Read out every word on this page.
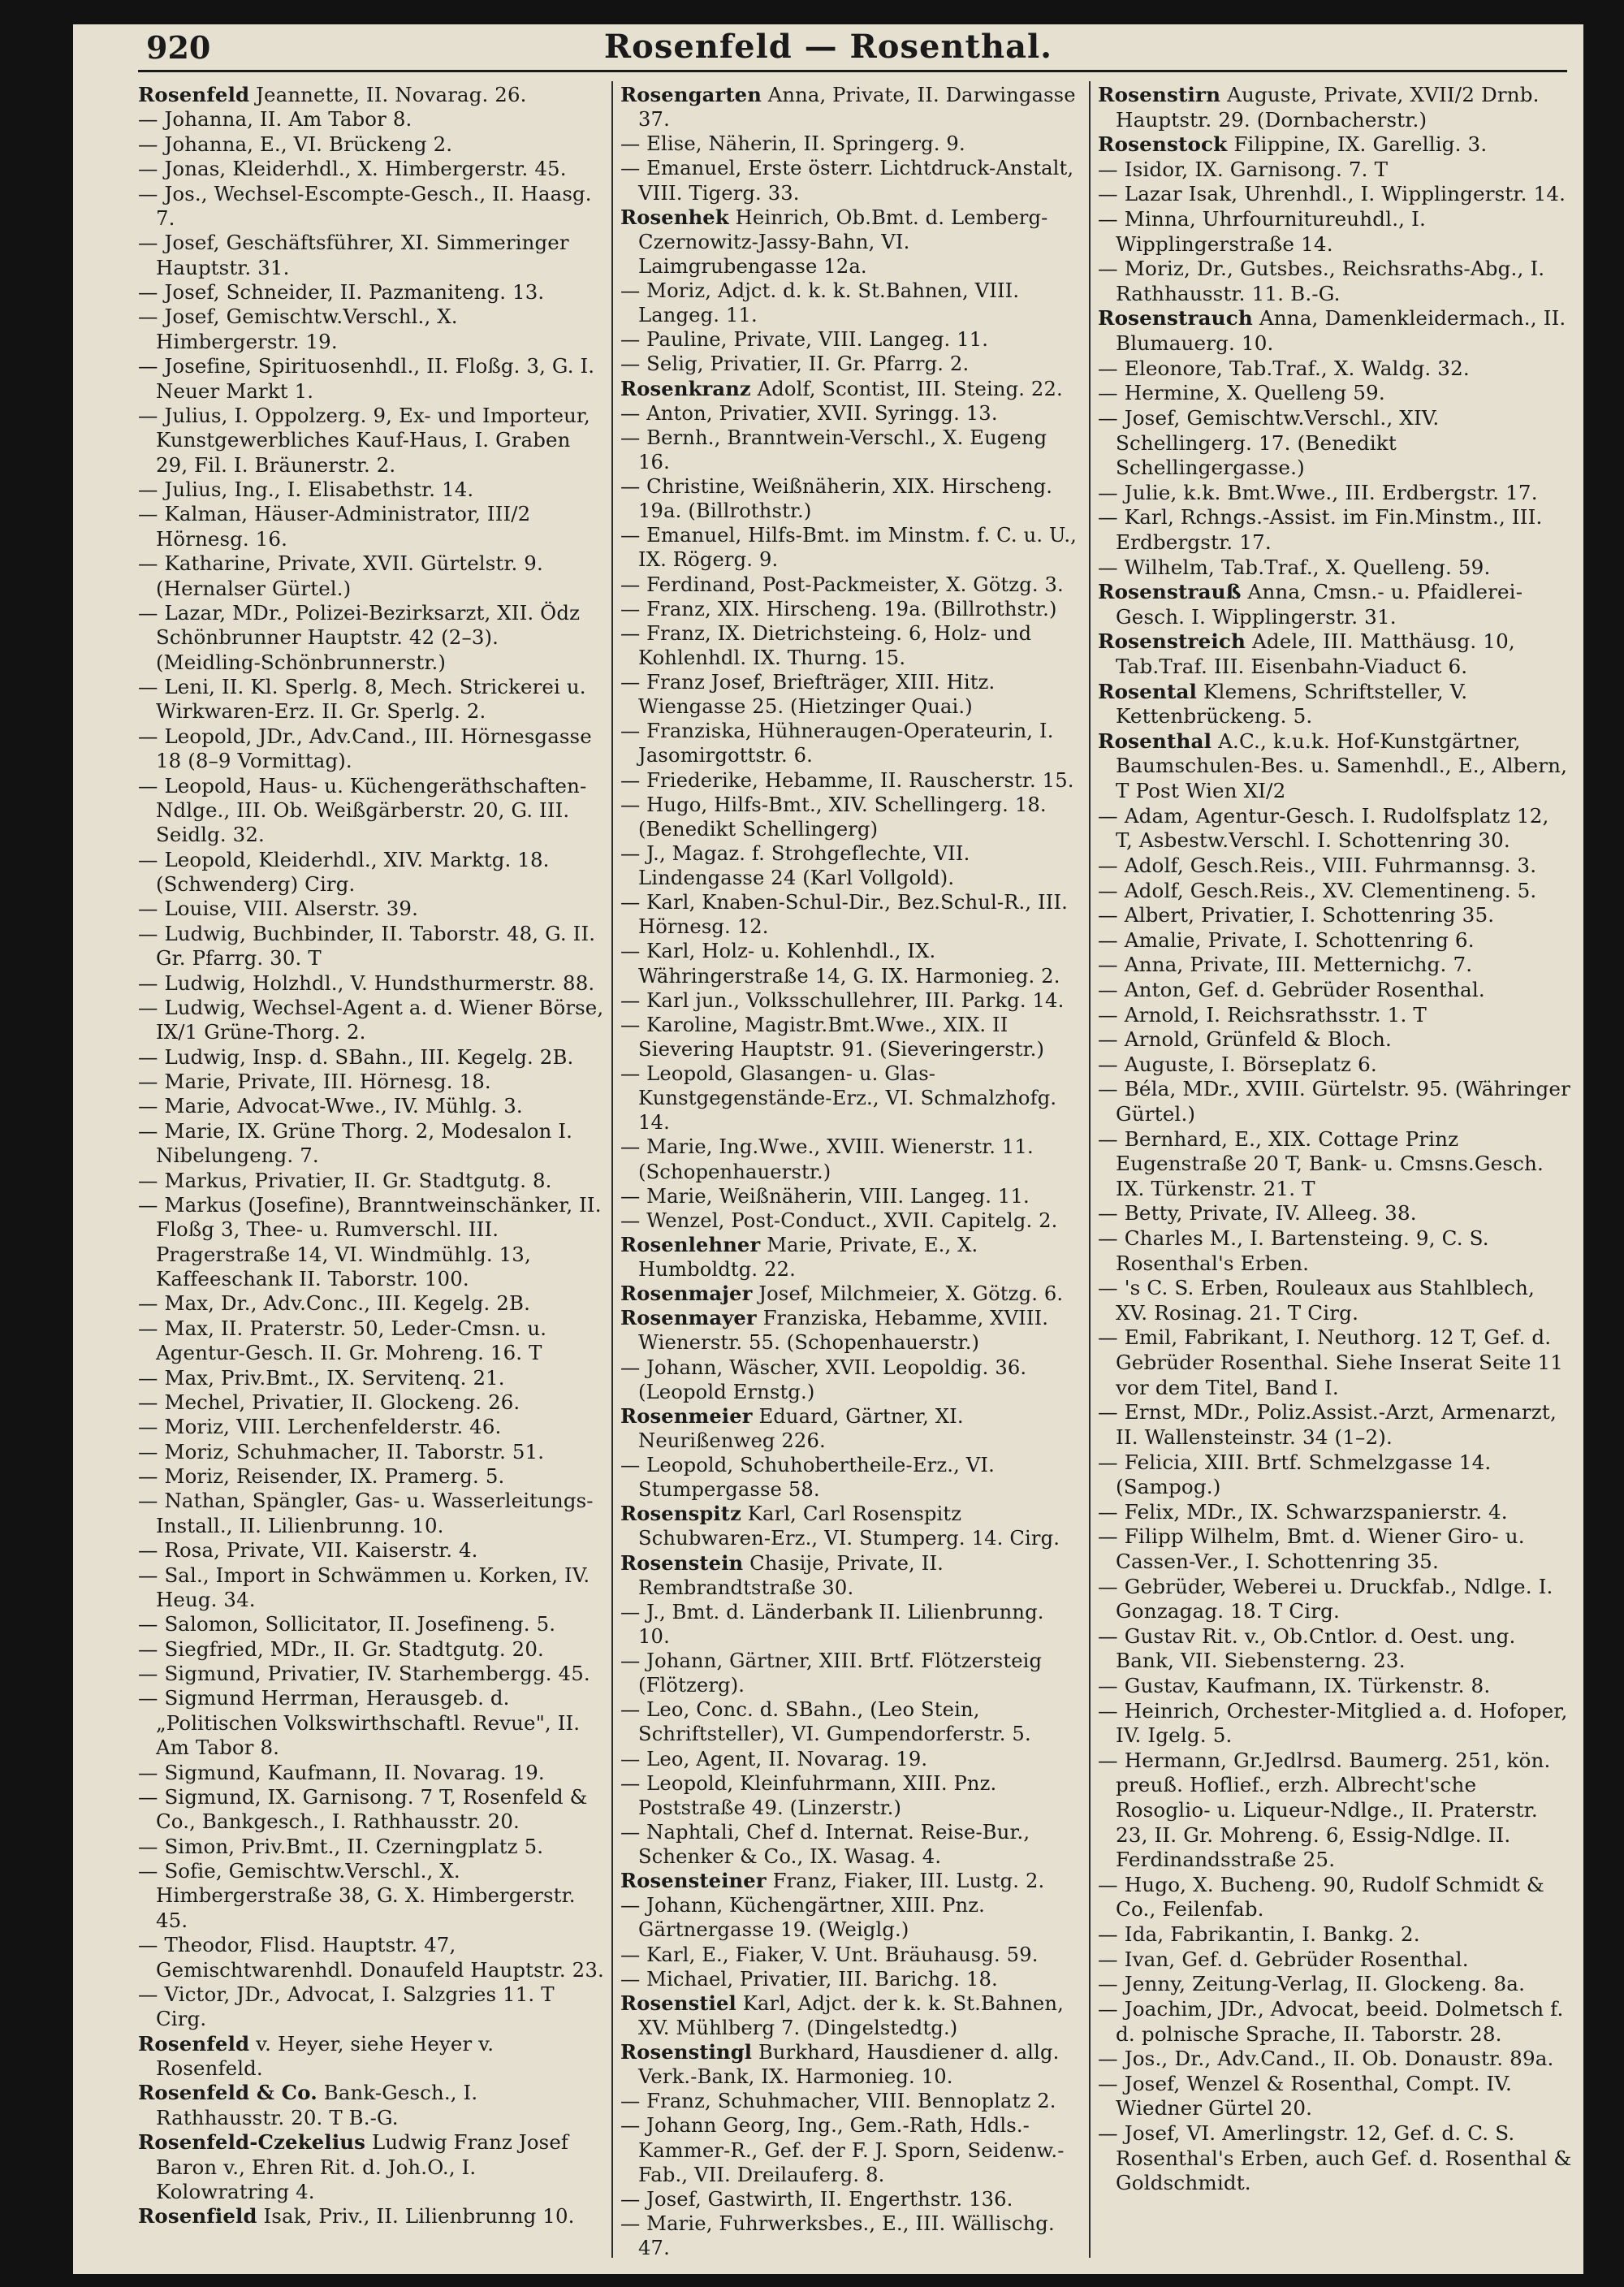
920	Rosenfeld — Rosenthal.

Rosenfeld Jeannette, II. Novarag. 26.

— Johanna, II. Am Tabor 8.

— Johanna, E., VI. Brückeng 2.

— Jonas, Kleiderhdl., X. Himbergerstr. 45.

— Jos., Wechsel-Escompte-Gesch., II. Haasg. 7.

— Josef, Geschäftsführer, XI. Simmeringer Hauptstr. 31.

— Josef, Schneider, II. Pazmaniteng. 13.

— Josef, Gemischtw.Verschl., X. Himbergerstr. 19.

— Josefine, Spirituosenhdl., II. Floßg. 3, G. I. Neuer Markt 1.

— Julius, I. Oppolzerg. 9, Ex- und Importeur, Kunstgewerbliches Kauf-Haus, I. Graben 29, Fil. I. Bräunerstr. 2.

— Julius, Ing., I. Elisabethstr. 14.

— Kalman, Häuser-Administrator, III/2 Hörnesg. 16.

— Katharine, Private, XVII. Gürtelstr. 9. (Hernalser Gürtel.)

— Lazar, MDr., Polizei-Bezirksarzt, XII. Ödz Schönbrunner Hauptstr. 42 (2–3). (Meidling-Schönbrunnerstr.)

— Leni, II. Kl. Sperlg. 8, Mech. Strickerei u. Wirkwaren-Erz. II. Gr. Sperlg. 2.

— Leopold, JDr., Adv.Cand., III. Hörnesgasse 18 (8–9 Vormittag).

— Leopold, Haus- u. Küchengeräthschaften-Ndlge., III. Ob. Weißgärberstr. 20, G. III. Seidlg. 32.

— Leopold, Kleiderhdl., XIV. Marktg. 18. (Schwenderg) Cirg.

— Louise, VIII. Alserstr. 39.

— Ludwig, Buchbinder, II. Taborstr. 48, G. II. Gr. Pfarrg. 30. T

— Ludwig, Holzhdl., V. Hundsthurmerstr. 88.

— Ludwig, Wechsel-Agent a. d. Wiener Börse, IX/1 Grüne-Thorg. 2.

— Ludwig, Insp. d. SBahn., III. Kegelg. 2B.

— Marie, Private, III. Hörnesg. 18.

— Marie, Advocat-Wwe., IV. Mühlg. 3.

— Marie, IX. Grüne Thorg. 2, Modesalon I. Nibelungeng. 7.

— Markus, Privatier, II. Gr. Stadtgutg. 8.

— Markus (Josefine), Branntweinschänker, II. Floßg 3, Thee- u. Rumverschl. III. Pragerstraße 14, VI. Windmühlg. 13, Kaffeeschank II. Taborstr. 100.

— Max, Dr., Adv.Conc., III. Kegelg. 2B.

— Max, II. Praterstr. 50, Leder-Cmsn. u. Agentur-Gesch. II. Gr. Mohreng. 16. T

— Max, Priv.Bmt., IX. Servitenq. 21.

— Mechel, Privatier, II. Glockeng. 26.

— Moriz, VIII. Lerchenfelderstr. 46.

— Moriz, Schuhmacher, II. Taborstr. 51.

— Moriz, Reisender, IX. Pramerg. 5.

— Nathan, Spängler, Gas- u. Wasserleitungs-Install., II. Lilienbrunng. 10.

— Rosa, Private, VII. Kaiserstr. 4.

— Sal., Import in Schwämmen u. Korken, IV. Heug. 34.

— Salomon, Sollicitator, II. Josefineng. 5.

— Siegfried, MDr., II. Gr. Stadtgutg. 20.

— Sigmund, Privatier, IV. Starhembergg. 45.

— Sigmund Herrman, Herausgeb. d. „Politischen Volkswirthschaftl. Revue", II. Am Tabor 8.

— Sigmund, Kaufmann, II. Novarag. 19.

— Sigmund, IX. Garnisong. 7 T, Rosenfeld & Co., Bankgesch., I. Rathhausstr. 20.

— Simon, Priv.Bmt., II. Czerningplatz 5.

— Sofie, Gemischtw.Verschl., X. Himbergerstraße 38, G. X. Himbergerstr. 45.

— Theodor, Flisd. Hauptstr. 47, Gemischtwarenhdl. Donaufeld Hauptstr. 23.

— Victor, JDr., Advocat, I. Salzgries 11. T Cirg.

Rosenfeld v. Heyer, siehe Heyer v. Rosenfeld.

Rosenfeld & Co. Bank-Gesch., I. Rathhausstr. 20. T B.-G.

Rosenfeld-Czekelius Ludwig Franz Josef Baron v., Ehren Rit. d. Joh.O., I. Kolowratring 4.

Rosenfield Isak, Priv., II. Lilienbrunng 10.

Rosengarten Anna, Private, II. Darwingasse 37.

— Elise, Näherin, II. Springerg. 9.

— Emanuel, Erste österr. Lichtdruck-Anstalt, VIII. Tigerg. 33.

Rosenhek Heinrich, Ob.Bmt. d. Lemberg-Czernowitz-Jassy-Bahn, VI. Laimgrubengasse 12a.

— Moriz, Adjct. d. k. k. St.Bahnen, VIII. Langeg. 11.

— Pauline, Private, VIII. Langeg. 11.

— Selig, Privatier, II. Gr. Pfarrg. 2.

Rosenkranz Adolf, Scontist, III. Steing. 22.

— Anton, Privatier, XVII. Syringg. 13.

— Bernh., Branntwein-Verschl., X. Eugeng 16.

— Christine, Weißnäherin, XIX. Hirscheng. 19a. (Billrothstr.)

— Emanuel, Hilfs-Bmt. im Minstm. f. C. u. U., IX. Rögerg. 9.

— Ferdinand, Post-Packmeister, X. Götzg. 3.

— Franz, XIX. Hirscheng. 19a. (Billrothstr.)

— Franz, IX. Dietrichsteing. 6, Holz- und Kohlenhdl. IX. Thurng. 15.

— Franz Josef, Briefträger, XIII. Hitz. Wiengasse 25. (Hietzinger Quai.)

— Franziska, Hühneraugen-Operateurin, I. Jasomirgottstr. 6.

— Friederike, Hebamme, II. Rauscherstr. 15.

— Hugo, Hilfs-Bmt., XIV. Schellingerg. 18. (Benedikt Schellingerg)

— J., Magaz. f. Strohgeflechte, VII. Lindengasse 24 (Karl Vollgold).

— Karl, Knaben-Schul-Dir., Bez.Schul-R., III. Hörnesg. 12.

— Karl, Holz- u. Kohlenhdl., IX. Währingerstraße 14, G. IX. Harmonieg. 2.

— Karl jun., Volksschullehrer, III. Parkg. 14.

— Karoline, Magistr.Bmt.Wwe., XIX. II Sievering Hauptstr. 91. (Sieveringerstr.)

— Leopold, Glasangen- u. Glas-Kunstgegenstände-Erz., VI. Schmalzhofg. 14.

— Marie, Ing.Wwe., XVIII. Wienerstr. 11. (Schopenhauerstr.)

— Marie, Weißnäherin, VIII. Langeg. 11.

— Wenzel, Post-Conduct., XVII. Capitelg. 2.

Rosenlehner Marie, Private, E., X. Humboldtg. 22.

Rosenmajer Josef, Milchmeier, X. Götzg. 6.

Rosenmayer Franziska, Hebamme, XVIII. Wienerstr. 55. (Schopenhauerstr.)

— Johann, Wäscher, XVII. Leopoldig. 36. (Leopold Ernstg.)

Rosenmeier Eduard, Gärtner, XI. Neurißenweg 226.

— Leopold, Schuhobertheile-Erz., VI. Stumpergasse 58.

Rosenspitz Karl, Carl Rosenspitz Schubwaren-Erz., VI. Stumperg. 14. Cirg.

Rosenstein Chasije, Private, II. Rembrandtstraße 30.

— J., Bmt. d. Länderbank II. Lilienbrunng. 10.

— Johann, Gärtner, XIII. Brtf. Flötzersteig (Flötzerg).

— Leo, Conc. d. SBahn., (Leo Stein, Schriftsteller), VI. Gumpendorferstr. 5.

— Leo, Agent, II. Novarag. 19.

— Leopold, Kleinfuhrmann, XIII. Pnz. Poststraße 49. (Linzerstr.)

— Naphtali, Chef d. Internat. Reise-Bur., Schenker & Co., IX. Wasag. 4.

Rosensteiner Franz, Fiaker, III. Lustg. 2.

— Johann, Küchengärtner, XIII. Pnz. Gärtnergasse 19. (Weiglg.)

— Karl, E., Fiaker, V. Unt. Bräuhausg. 59.

— Michael, Privatier, III. Barichg. 18.

Rosenstiel Karl, Adjct. der k. k. St.Bahnen, XV. Mühlberg 7. (Dingelstedtg.)

Rosenstingl Burkhard, Hausdiener d. allg. Verk.-Bank, IX. Harmonieg. 10.

— Franz, Schuhmacher, VIII. Bennoplatz 2.

— Johann Georg, Ing., Gem.-Rath, Hdls.-Kammer-R., Gef. der F. J. Sporn, Seidenw.-Fab., VII. Dreilauferg. 8.

— Josef, Gastwirth, II. Engerthstr. 136.

— Marie, Fuhrwerksbes., E., III. Wällischg. 47.

Rosenstirn Auguste, Private, XVII/2 Drnb. Hauptstr. 29. (Dornbacherstr.)

Rosenstock Filippine, IX. Garellig. 3.

— Isidor, IX. Garnisong. 7. T

— Lazar Isak, Uhrenhdl., I. Wipplingerstr. 14.

— Minna, Uhrfournitureuhdl., I. Wipplingerstraße 14.

— Moriz, Dr., Gutsbes., Reichsraths-Abg., I. Rathhausstr. 11. B.-G.

Rosenstrauch Anna, Damenkleidermach., II. Blumauerg. 10.

— Eleonore, Tab.Traf., X. Waldg. 32.

— Hermine, X. Quelleng 59.

— Josef, Gemischtw.Verschl., XIV. Schellingerg. 17. (Benedikt Schellingergasse.)

— Julie, k.k. Bmt.Wwe., III. Erdbergstr. 17.

— Karl, Rchngs.-Assist. im Fin.Minstm., III. Erdbergstr. 17.

— Wilhelm, Tab.Traf., X. Quelleng. 59.

Rosenstrauß Anna, Cmsn.- u. Pfaidlerei-Gesch. I. Wipplingerstr. 31.

Rosenstreich Adele, III. Matthäusg. 10, Tab.Traf. III. Eisenbahn-Viaduct 6.

Rosental Klemens, Schriftsteller, V. Kettenbrückeng. 5.

Rosenthal A.C., k.u.k. Hof-Kunstgärtner, Baumschulen-Bes. u. Samenhdl., E., Albern, T Post Wien XI/2

— Adam, Agentur-Gesch. I. Rudolfsplatz 12, T, Asbestw.Verschl. I. Schottenring 30.

— Adolf, Gesch.Reis., VIII. Fuhrmannsg. 3.

— Adolf, Gesch.Reis., XV. Clementineng. 5.

— Albert, Privatier, I. Schottenring 35.

— Amalie, Private, I. Schottenring 6.

— Anna, Private, III. Metternichg. 7.

— Anton, Gef. d. Gebrüder Rosenthal.

— Arnold, I. Reichsrathsstr. 1. T

— Arnold, Grünfeld & Bloch.

— Auguste, I. Börseplatz 6.

— Béla, MDr., XVIII. Gürtelstr. 95. (Währinger Gürtel.)

— Bernhard, E., XIX. Cottage Prinz Eugenstraße 20 T, Bank- u. Cmsns.Gesch. IX. Türkenstr. 21. T

— Betty, Private, IV. Alleeg. 38.

— Charles M., I. Bartensteing. 9, C. S. Rosenthal's Erben.

— 's C. S. Erben, Rouleaux aus Stahlblech, XV. Rosinag. 21. T Cirg.

— Emil, Fabrikant, I. Neuthorg. 12 T, Gef. d. Gebrüder Rosenthal. Siehe Inserat Seite 11 vor dem Titel, Band I.

— Ernst, MDr., Poliz.Assist.-Arzt, Armenarzt, II. Wallensteinstr. 34 (1–2).

— Felicia, XIII. Brtf. Schmelzgasse 14. (Sampog.)

— Felix, MDr., IX. Schwarzspanierstr. 4.

— Filipp Wilhelm, Bmt. d. Wiener Giro- u. Cassen-Ver., I. Schottenring 35.

— Gebrüder, Weberei u. Druckfab., Ndlge. I. Gonzagag. 18. T Cirg.

— Gustav Rit. v., Ob.Cntlor. d. Oest. ung. Bank, VII. Siebensterng. 23.

— Gustav, Kaufmann, IX. Türkenstr. 8.

— Heinrich, Orchester-Mitglied a. d. Hofoper, IV. Igelg. 5.

— Hermann, Gr.Jedlrsd. Baumerg. 251, kön. preuß. Hoflief., erzh. Albrecht'sche Rosoglio- u. Liqueur-Ndlge., II. Praterstr. 23, II. Gr. Mohreng. 6, Essig-Ndlge. II. Ferdinandsstraße 25.

— Hugo, X. Bucheng. 90, Rudolf Schmidt & Co., Feilenfab.

— Ida, Fabrikantin, I. Bankg. 2.

— Ivan, Gef. d. Gebrüder Rosenthal.

— Jenny, Zeitung-Verlag, II. Glockeng. 8a.

— Joachim, JDr., Advocat, beeid. Dolmetsch f. d. polnische Sprache, II. Taborstr. 28.

— Jos., Dr., Adv.Cand., II. Ob. Donaustr. 89a.

— Josef, Wenzel & Rosenthal, Compt. IV. Wiedner Gürtel 20.

— Josef, VI. Amerlingstr. 12, Gef. d. C. S. Rosenthal's Erben, auch Gef. d. Rosenthal & Goldschmidt.
